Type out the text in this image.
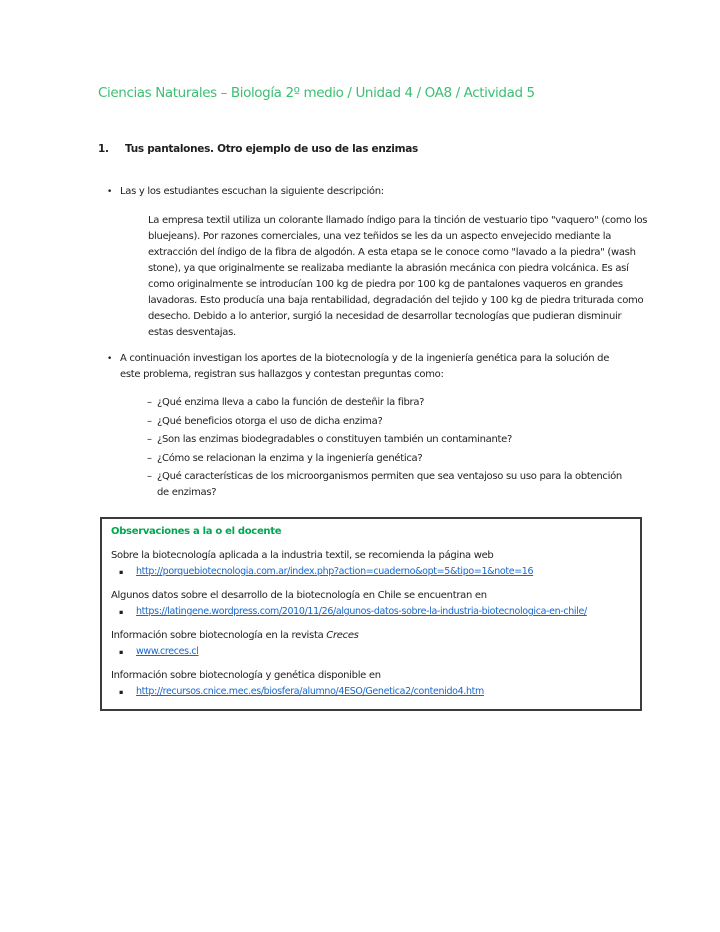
Ciencias Naturales – Biología 2º medio / Unidad 4 / OA8 / Actividad 5
1.	Tus pantalones. Otro ejemplo de uso de las enzimas
• Las y los estudiantes escuchan la siguiente descripción:

La empresa textil utiliza un colorante llamado índigo para la tinción de vestuario tipo "vaquero" (como los bluejeans). Por razones comerciales, una vez teñidos se les da un aspecto envejecido mediante la extracción del índigo de la fibra de algodón. A esta etapa se le conoce como "lavado a la piedra" (wash stone), ya que originalmente se realizaba mediante la abrasión mecánica con piedra volcánica. Es así como originalmente se introducían 100 kg de piedra por 100 kg de pantalones vaqueros en grandes lavadoras. Esto producía una baja rentabilidad, degradación del tejido y 100 kg de piedra triturada como desecho. Debido a lo anterior, surgió la necesidad de desarrollar tecnologías que pudieran disminuir estas desventajas.

• A continuación investigan los aportes de la biotecnología y de la ingeniería genética para la solución de este problema, registran sus hallazgos y contestan preguntas como:
– ¿Qué enzima lleva a cabo la función de desteñir la fibra?
– ¿Qué beneficios otorga el uso de dicha enzima?
– ¿Son las enzimas biodegradables o constituyen también un contaminante?
– ¿Cómo se relacionan la enzima y la ingeniería genética?
– ¿Qué características de los microorganismos permiten que sea ventajoso su uso para la obtención de enzimas?
Observaciones a la o el docente
Sobre la biotecnología aplicada a la industria textil, se recomienda la página web
▪	http://porquebiotecnologia.com.ar/index.php?action=cuaderno&opt=5&tipo=1&note=16
Algunos datos sobre el desarrollo de la biotecnología en Chile se encuentran en
▪	https://latingene.wordpress.com/2010/11/26/algunos-datos-sobre-la-industria-biotecnologica-en-chile/
Información sobre biotecnología en la revista Creces
▪	www.creces.cl
Información sobre biotecnología y genética disponible en
▪	http://recursos.cnice.mec.es/biosfera/alumno/4ESO/Genetica2/contenido4.htm
